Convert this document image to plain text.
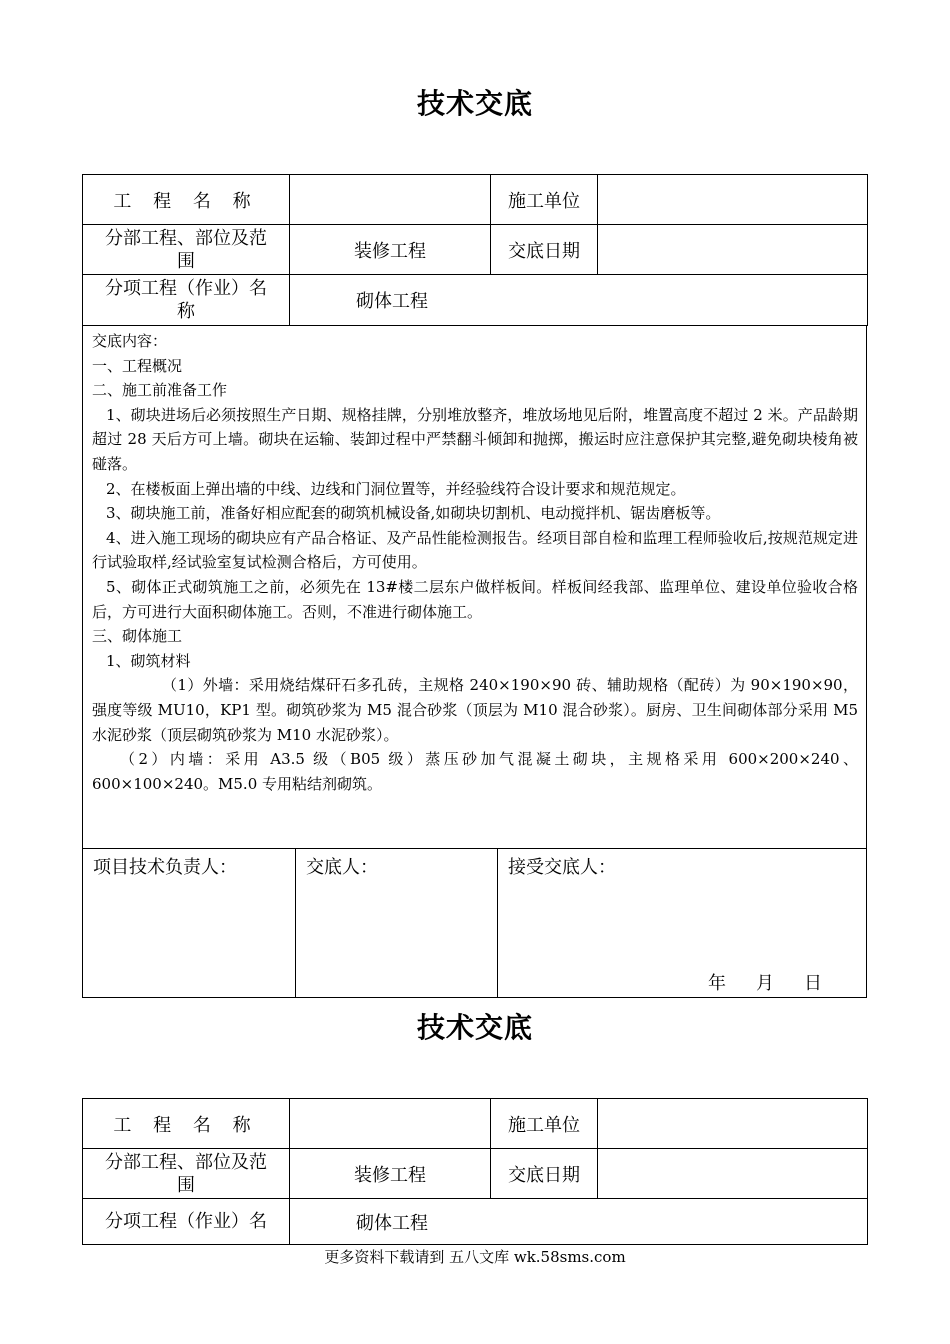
技术交底
工 程 名 称		施工单位	

分部工程、部位及范
围	装修工程	交底日期	

分项工程（作业）名
称	砌体工程		

交底内容：

一、工程概况

二、施工前准备工作

1、砌块进场后必须按照生产日期、规格挂牌，分别堆放整齐，堆放场地见后附，堆置高度不超过 2 米。产品龄期超过 28 天后方可上墙。砌块在运输、装卸过程中严禁翻斗倾卸和抛掷，搬运时应注意保护其完整,避免砌块棱角被碰落。

2、在楼板面上弹出墙的中线、边线和门洞位置等，并经验线符合设计要求和规范规定。

3、砌块施工前，准备好相应配套的砌筑机械设备,如砌块切割机、电动搅拌机、锯齿磨板等。

4、进入施工现场的砌块应有产品合格证、及产品性能检测报告。经项目部自检和监理工程师验收后,按规范规定进行试验取样,经试验室复试检测合格后，方可使用。

5、砌体正式砌筑施工之前，必须先在 13#楼二层东户做样板间。样板间经我部、监理单位、建设单位验收合格后，方可进行大面积砌体施工。否则，不准进行砌体施工。

三、砌体施工

1、砌筑材料

（1）外墙：采用烧结煤矸石多孔砖，主规格 240×190×90 砖、辅助规格（配砖）为 90×190×90，强度等级 MU10，KP1 型。砌筑砂浆为 M5 混合砂浆（顶层为 M10 混合砂浆）。厨房、卫生间砌体部分采用 M5 水泥砂浆（顶层砌筑砂浆为 M10 水泥砂浆）。

（2）内墙：采用 A3.5 级（B05 级）蒸压砂加气混凝土砌块，主规格采用 600×200×240、600×100×240。M5.0 专用粘结剂砌筑。

项目技术负责人：	交底人：	接受交底人：
年 月 日
技术交底
工 程 名 称		施工单位	

分部工程、部位及范
围	装修工程	交底日期	

分项工程（作业）名	砌体工程		
更多资料下载请到 五八文库 wk.58sms.com
